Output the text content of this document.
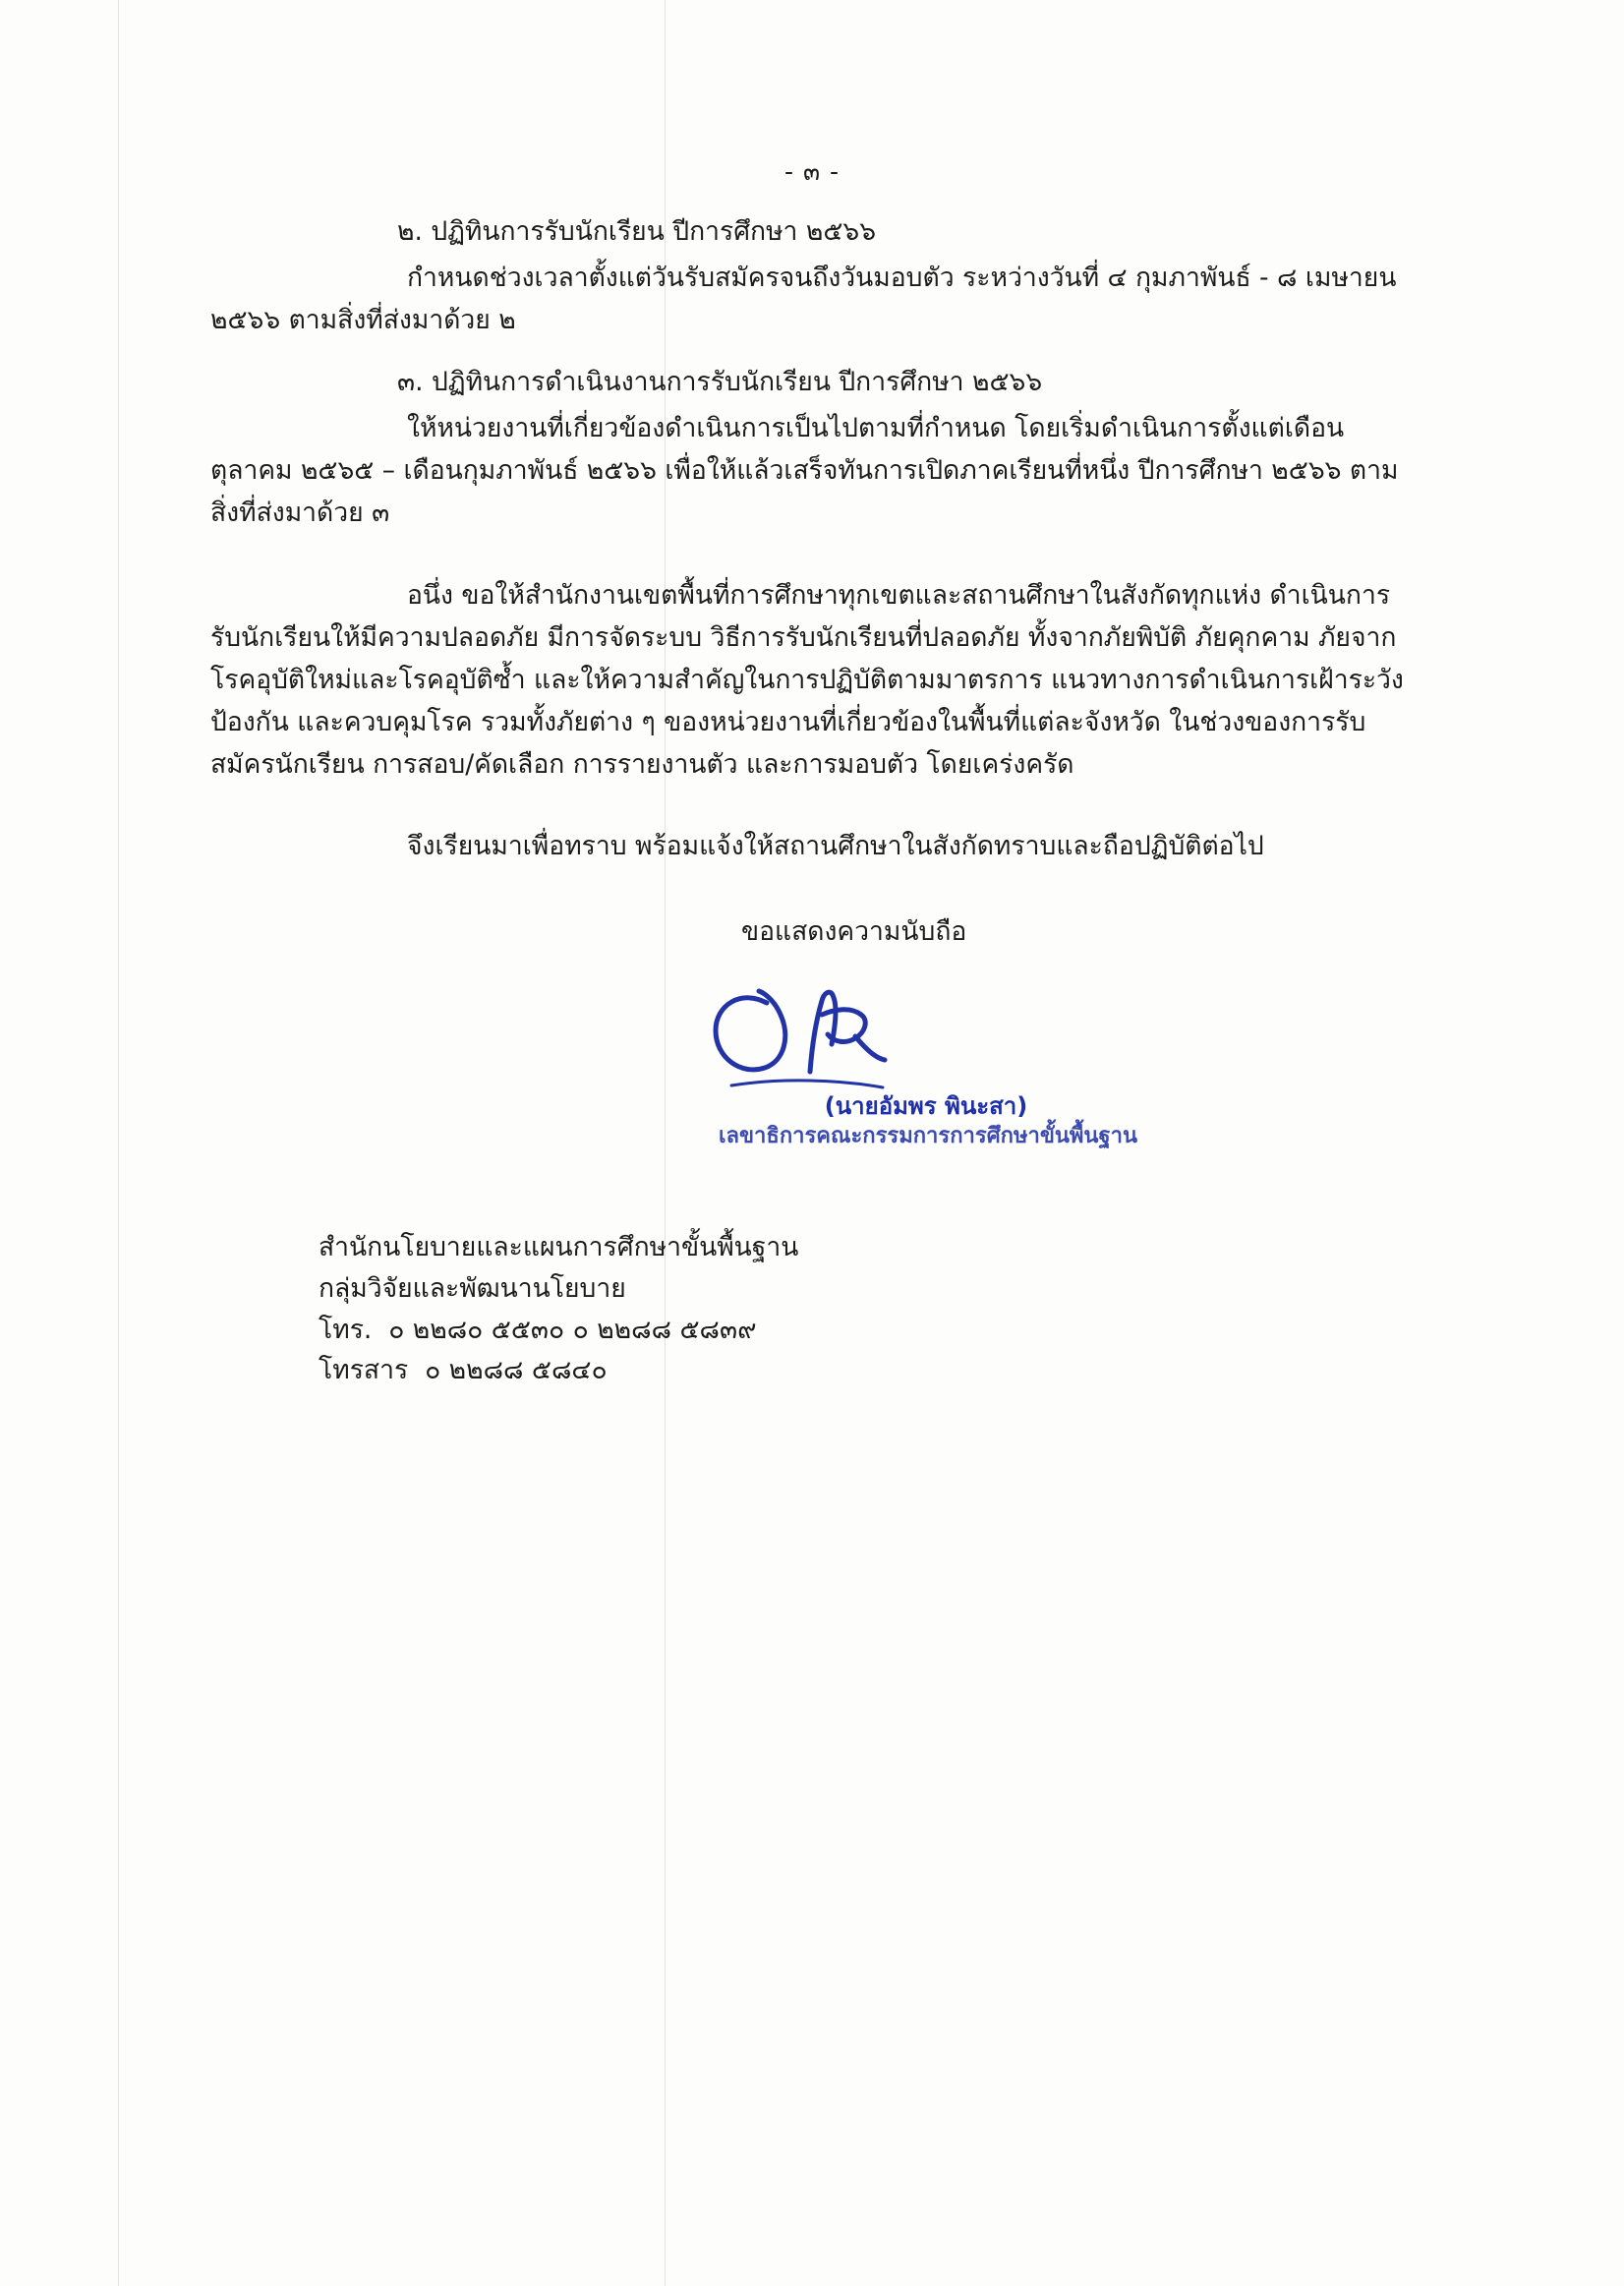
- ๓ -
๒. ปฏิทินการรับนักเรียน ปีการศึกษา ๒๕๖๖
กำหนดช่วงเวลาตั้งแต่วันรับสมัครจนถึงวันมอบตัว ระหว่างวันที่ ๔ กุมภาพันธ์ - ๘ เมษายน ๒๕๖๖ ตามสิ่งที่ส่งมาด้วย ๒
๓. ปฏิทินการดำเนินงานการรับนักเรียน ปีการศึกษา ๒๕๖๖
ให้หน่วยงานที่เกี่ยวข้องดำเนินการเป็นไปตามที่กำหนด โดยเริ่มดำเนินการตั้งแต่เดือนตุลาคม ๒๕๖๕ – เดือนกุมภาพันธ์ ๒๕๖๖ เพื่อให้แล้วเสร็จทันการเปิดภาคเรียนที่หนึ่ง ปีการศึกษา ๒๕๖๖ ตามสิ่งที่ส่งมาด้วย ๓
อนึ่ง ขอให้สำนักงานเขตพื้นที่การศึกษาทุกเขตและสถานศึกษาในสังกัดทุกแห่ง ดำเนินการรับนักเรียนให้มีความปลอดภัย มีการจัดระบบ วิธีการรับนักเรียนที่ปลอดภัย ทั้งจากภัยพิบัติ ภัยคุกคาม ภัยจากโรคอุบัติใหม่และโรคอุบัติซ้ำ และให้ความสำคัญในการปฏิบัติตามมาตรการ แนวทางการดำเนินการเฝ้าระวัง ป้องกัน และควบคุมโรค รวมทั้งภัยต่าง ๆ ของหน่วยงานที่เกี่ยวข้องในพื้นที่แต่ละจังหวัด ในช่วงของการรับสมัครนักเรียน การสอบ/คัดเลือก การรายงานตัว และการมอบตัว โดยเคร่งครัด
จึงเรียนมาเพื่อทราบ พร้อมแจ้งให้สถานศึกษาในสังกัดทราบและถือปฏิบัติต่อไป
ขอแสดงความนับถือ
(นายอัมพร พินะสา)
เลขาธิการคณะกรรมการการศึกษาขั้นพื้นฐาน
สำนักนโยบายและแผนการศึกษาขั้นพื้นฐาน
กลุ่มวิจัยและพัฒนานโยบาย
โทร.  ๐ ๒๒๘๐ ๕๕๓๐ ๐ ๒๒๘๘ ๕๘๓๙
โทรสาร  ๐ ๒๒๘๘ ๕๘๔๐
